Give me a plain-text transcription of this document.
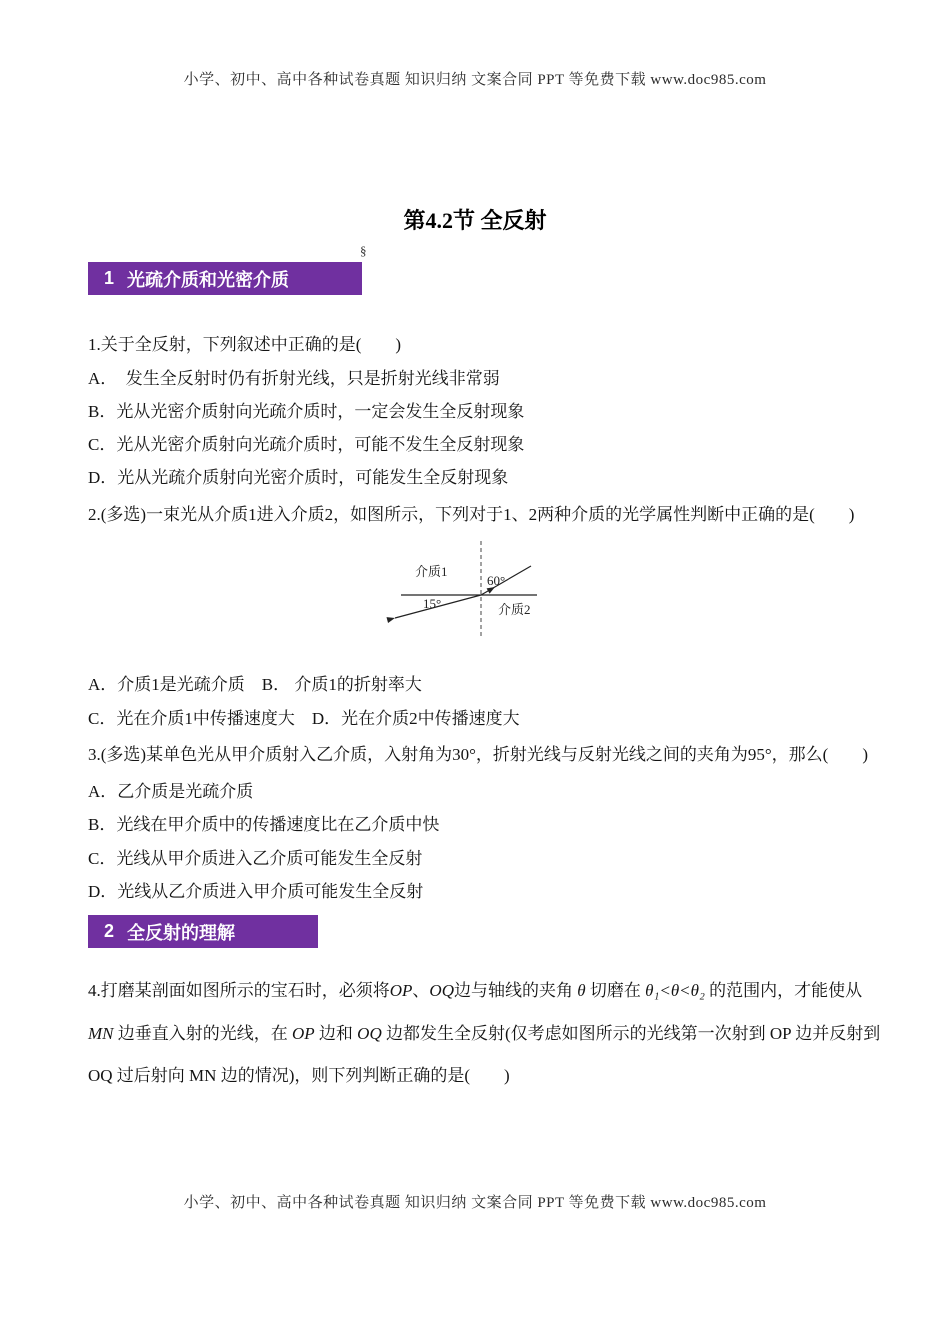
小学、初中、高中各种试卷真题 知识归纳 文案合同 PPT 等免费下载 www.doc985.com
第4.2节 全反射
§
1 光疏介质和光密介质
1.关于全反射，下列叙述中正确的是(　　)
A．  发生全反射时仍有折射光线，只是折射光线非常弱
B．光从光密介质射向光疏介质时，一定会发生全反射现象
C．光从光密介质射向光疏介质时，可能不发生全反射现象
D．光从光疏介质射向光密介质时，可能发生全反射现象
2.(多选)一束光从介质1进入介质2，如图所示，下列对于1、2两种介质的光学属性判断中正确的是(　　)
介质1
60°
15°	介质2
A．介质1是光疏介质　B． 介质1的折射率大
C．光在介质1中传播速度大　D．光在介质2中传播速度大
3.(多选)某单色光从甲介质射入乙介质，入射角为30°，折射光线与反射光线之间的夹角为95°，那么(　　)
A．乙介质是光疏介质
B．光线在甲介质中的传播速度比在乙介质中快
C．光线从甲介质进入乙介质可能发生全反射
D．光线从乙介质进入甲介质可能发生全反射
2 全反射的理解
4.打磨某剖面如图所示的宝石时，必须将OP、OQ边与轴线的夹角 θ 切磨在 θ₁<θ<θ₂ 的范围内，才能使从
MN 边垂直入射的光线，在 OP 边和 OQ 边都发生全反射(仅考虑如图所示的光线第一次射到 OP 边并反射到
OQ 过后射向 MN 边的情况)，则下列判断正确的是(　　)
小学、初中、高中各种试卷真题 知识归纳 文案合同 PPT 等免费下载 www.doc985.com
